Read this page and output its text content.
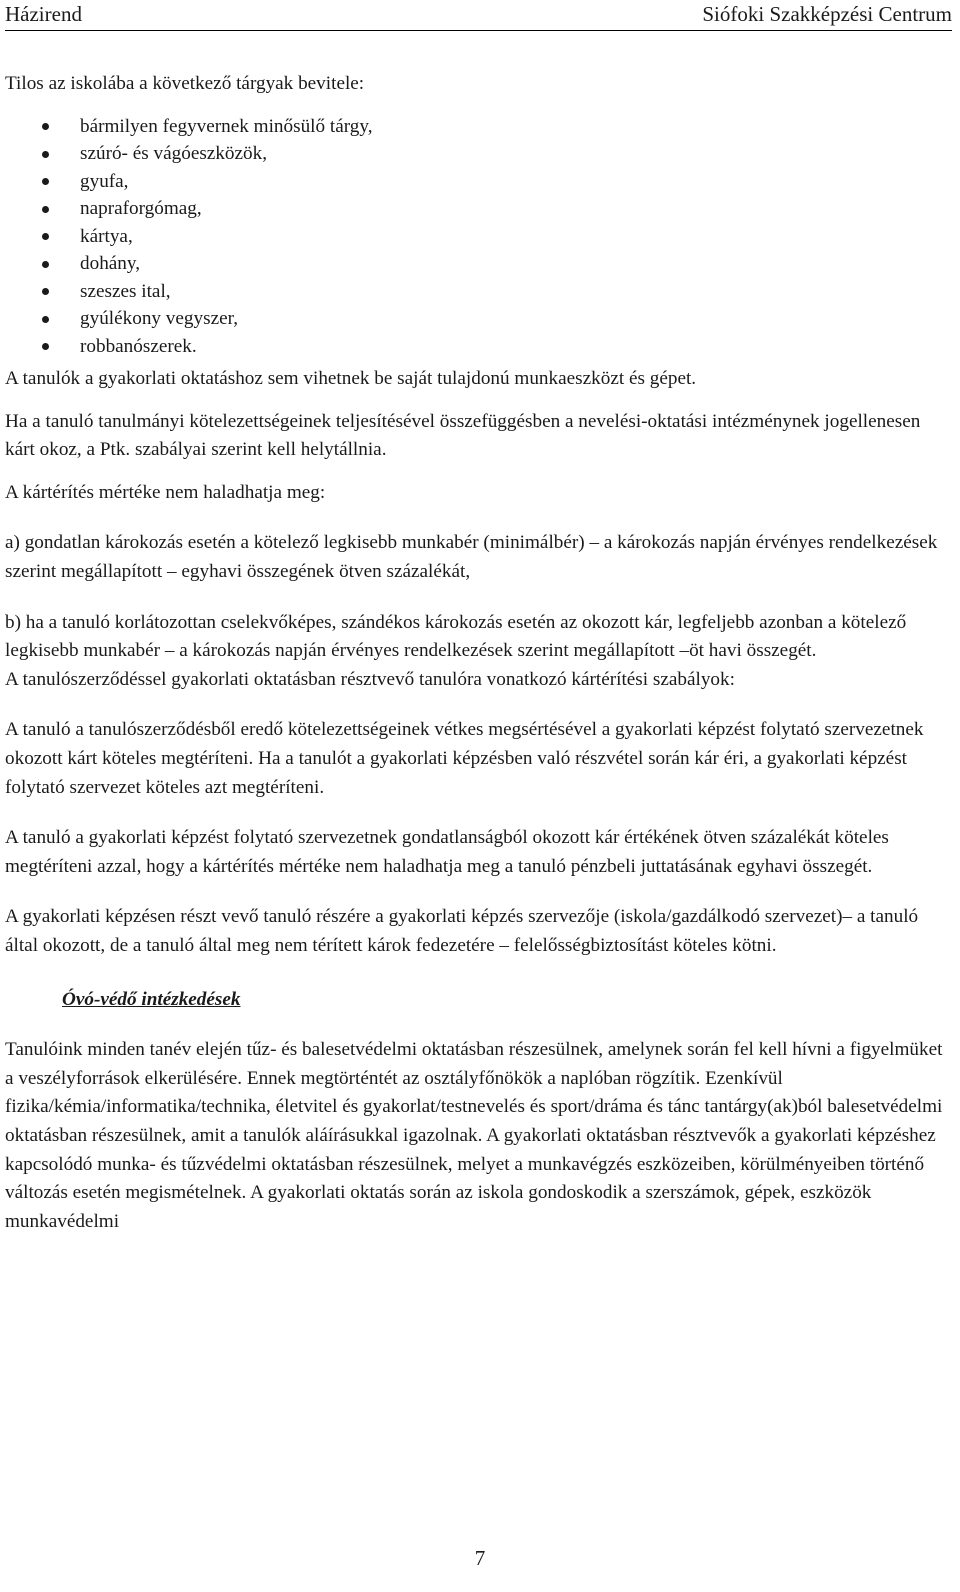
Házirend	Siófoki Szakképzési Centrum

Tilos az iskolába a következő tárgyak bevitele:

bármilyen fegyvernek minősülő tárgy,
szúró- és vágóeszközök,
gyufa,
napraforgómag,
kártya,
dohány,
szeszes ital,
gyúlékony vegyszer,
robbanószerek.

A tanulók a gyakorlati oktatáshoz sem vihetnek be saját tulajdonú munkaeszközt és gépet.

Ha a tanuló tanulmányi kötelezettségeinek teljesítésével összefüggésben a nevelési-oktatási intézménynek jogellenesen kárt okoz, a Ptk. szabályai szerint kell helytállnia.

A kártérítés mértéke nem haladhatja meg:

a) gondatlan károkozás esetén a kötelező legkisebb munkabér (minimálbér) ‒ a károkozás napján érvényes rendelkezések szerint megállapított ‒ egyhavi összegének ötven százalékát,

b) ha a tanuló korlátozottan cselekvőképes, szándékos károkozás esetén az okozott kár, legfeljebb azonban a kötelező legkisebb munkabér ‒ a károkozás napján érvényes rendelkezések szerint megállapított ‒öt havi összegét.

A tanulószerződéssel gyakorlati oktatásban résztvevő tanulóra vonatkozó kártérítési szabályok:

A tanuló a tanulószerződésből eredő kötelezettségeinek vétkes megsértésével a gyakorlati képzést folytató szervezetnek okozott kárt köteles megtéríteni. Ha a tanulót a gyakorlati képzésben való részvétel során kár éri, a gyakorlati képzést folytató szervezet köteles azt megtéríteni.

A tanuló a gyakorlati képzést folytató szervezetnek gondatlanságból okozott kár értékének ötven százalékát köteles megtéríteni azzal, hogy a kártérítés mértéke nem haladhatja meg a tanuló pénzbeli juttatásának egyhavi összegét.

A gyakorlati képzésen részt vevő tanuló részére a gyakorlati képzés szervezője (iskola/gazdálkodó szervezet)‒ a tanuló által okozott, de a tanuló által meg nem térített károk fedezetére ‒ felelősségbiztosítást köteles kötni.

Óvó-védő intézkedések

Tanulóink minden tanév elején tűz- és balesetvédelmi oktatásban részesülnek, amelynek során fel kell hívni a figyelmüket a veszélyforrások elkerülésére. Ennek megtörténtét az osztályfőnökök a naplóban rögzítik. Ezenkívül fizika/kémia/informatika/technika, életvitel és gyakorlat/testnevelés és sport/dráma és tánc tantárgy(ak)ból balesetvédelmi oktatásban részesülnek, amit a tanulók aláírásukkal igazolnak. A gyakorlati oktatásban résztvevők a gyakorlati képzéshez kapcsolódó munka- és tűzvédelmi oktatásban részesülnek, melyet a munkavégzés eszközeiben, körülményeiben történő változás esetén megismételnek. A gyakorlati oktatás során az iskola gondoskodik a szerszámok, gépek, eszközök munkavédelmi

7
